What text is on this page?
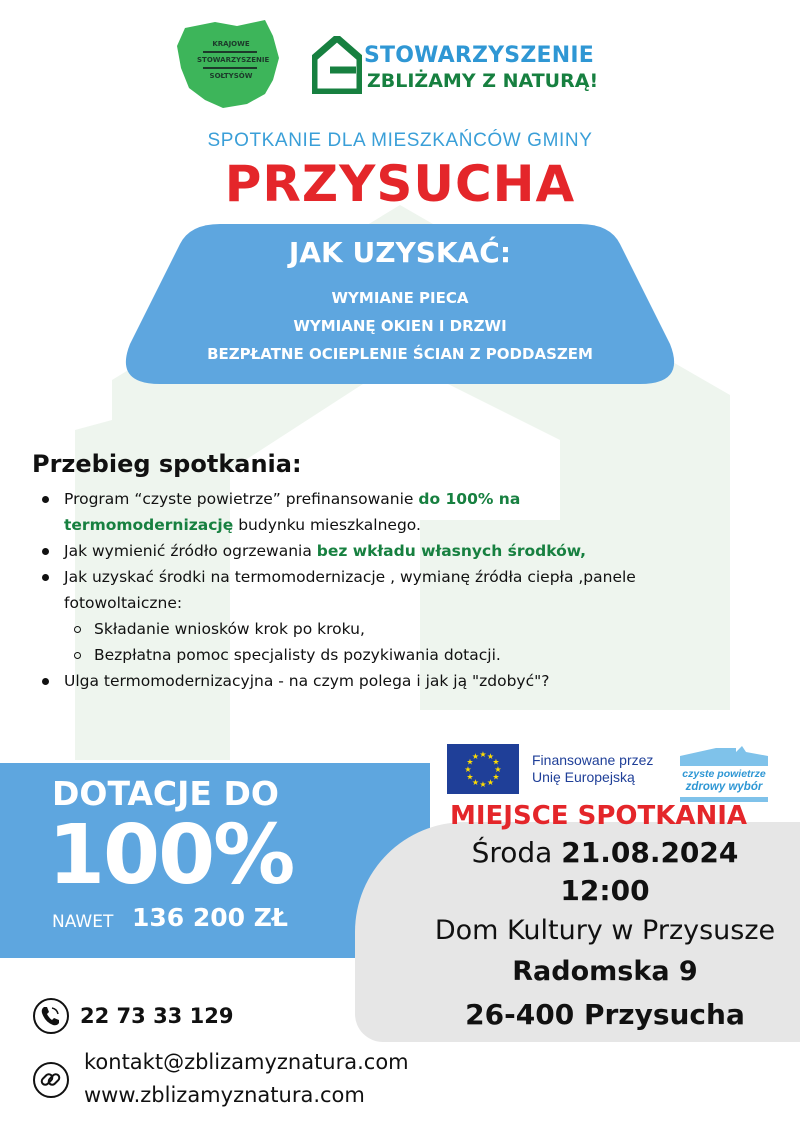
KRAJOWE
STOWARZYSZENIE
SOŁTYSÓW
STOWARZYSZENIE
ZBLIŻAMY Z NATURĄ!
SPOTKANIE DLA MIESZKAŃCÓW GMINY
PRZYSUCHA
JAK UZYSKAĆ:
WYMIANE PIECA
WYMIANĘ OKIEN I DRZWI
BEZPŁATNE OCIEPLENIE ŚCIAN Z PODDASZEM
Przebieg spotkania:
Program “czyste powietrze” prefinansowanie do 100% na
termomodernizację budynku mieszkalnego.
Jak wymienić źródło ogrzewania bez wkładu własnych środków,
Jak uzyskać środki na termomodernizacje , wymianę źródła ciepła ,panele
fotowoltaiczne:
Składanie wniosków krok po kroku,
Bezpłatna pomoc specjalisty ds pozykiwania dotacji.
Ulga termomodernizacyjna - na czym polega i jak ją "zdobyć"?
★ ★
★
★
★
★
★
★
★
★
★
★	Finansowane przez
Unię Europejską	czyste powietrze
zdrowy wybór
DOTACJE DO
100%
NAWET 136 200 ZŁ
MIEJSCE SPOTKANIA
Środa 21.08.2024
12:00
Dom Kultury w Przysusze
Radomska 9
26-400 Przysucha
22 73 33 129
kontakt@zblizamyznatura.com
www.zblizamyznatura.com
